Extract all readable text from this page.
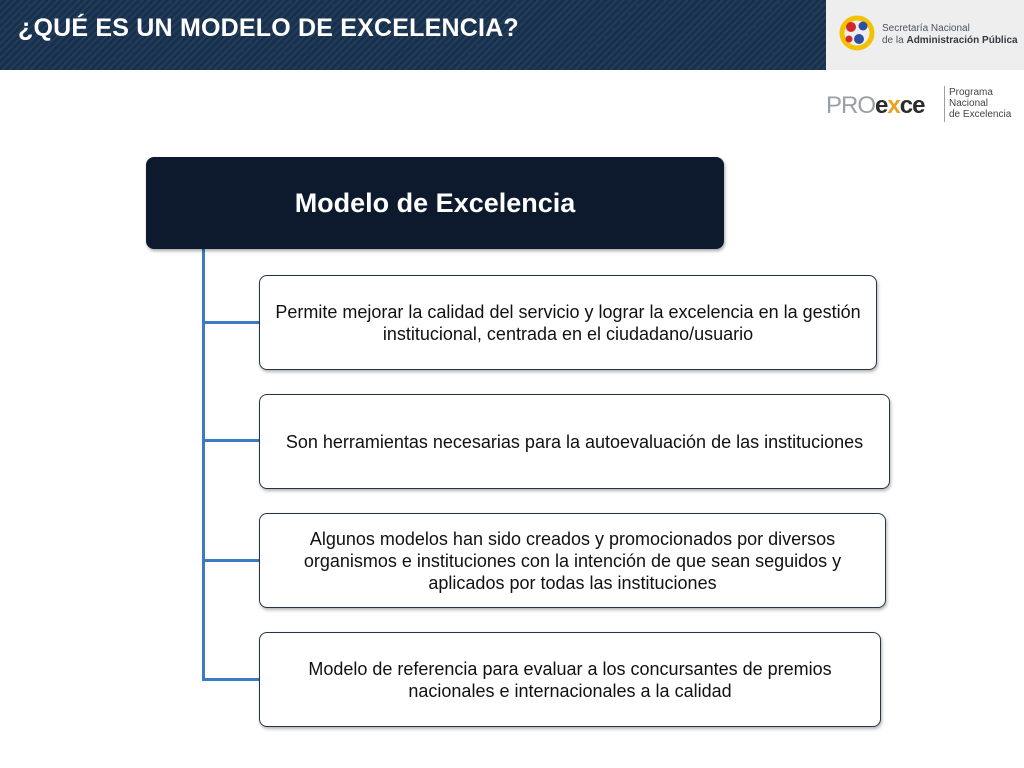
¿QUÉ ES UN MODELO DE EXCELENCIA?	Secretaría Nacional
de la Administración Pública
PROexce Programa
Nacional
de Excelencia
Modelo de Excelencia
Permite mejorar la calidad del servicio y lograr la excelencia en la gestión institucional, centrada en el ciudadano/usuario
Son herramientas necesarias para la autoevaluación de las instituciones
Algunos modelos han sido creados y promocionados por diversos organismos e instituciones con la intención de que sean seguidos y aplicados por todas las instituciones
Modelo de referencia para evaluar a los concursantes de premios nacionales e internacionales a la calidad
